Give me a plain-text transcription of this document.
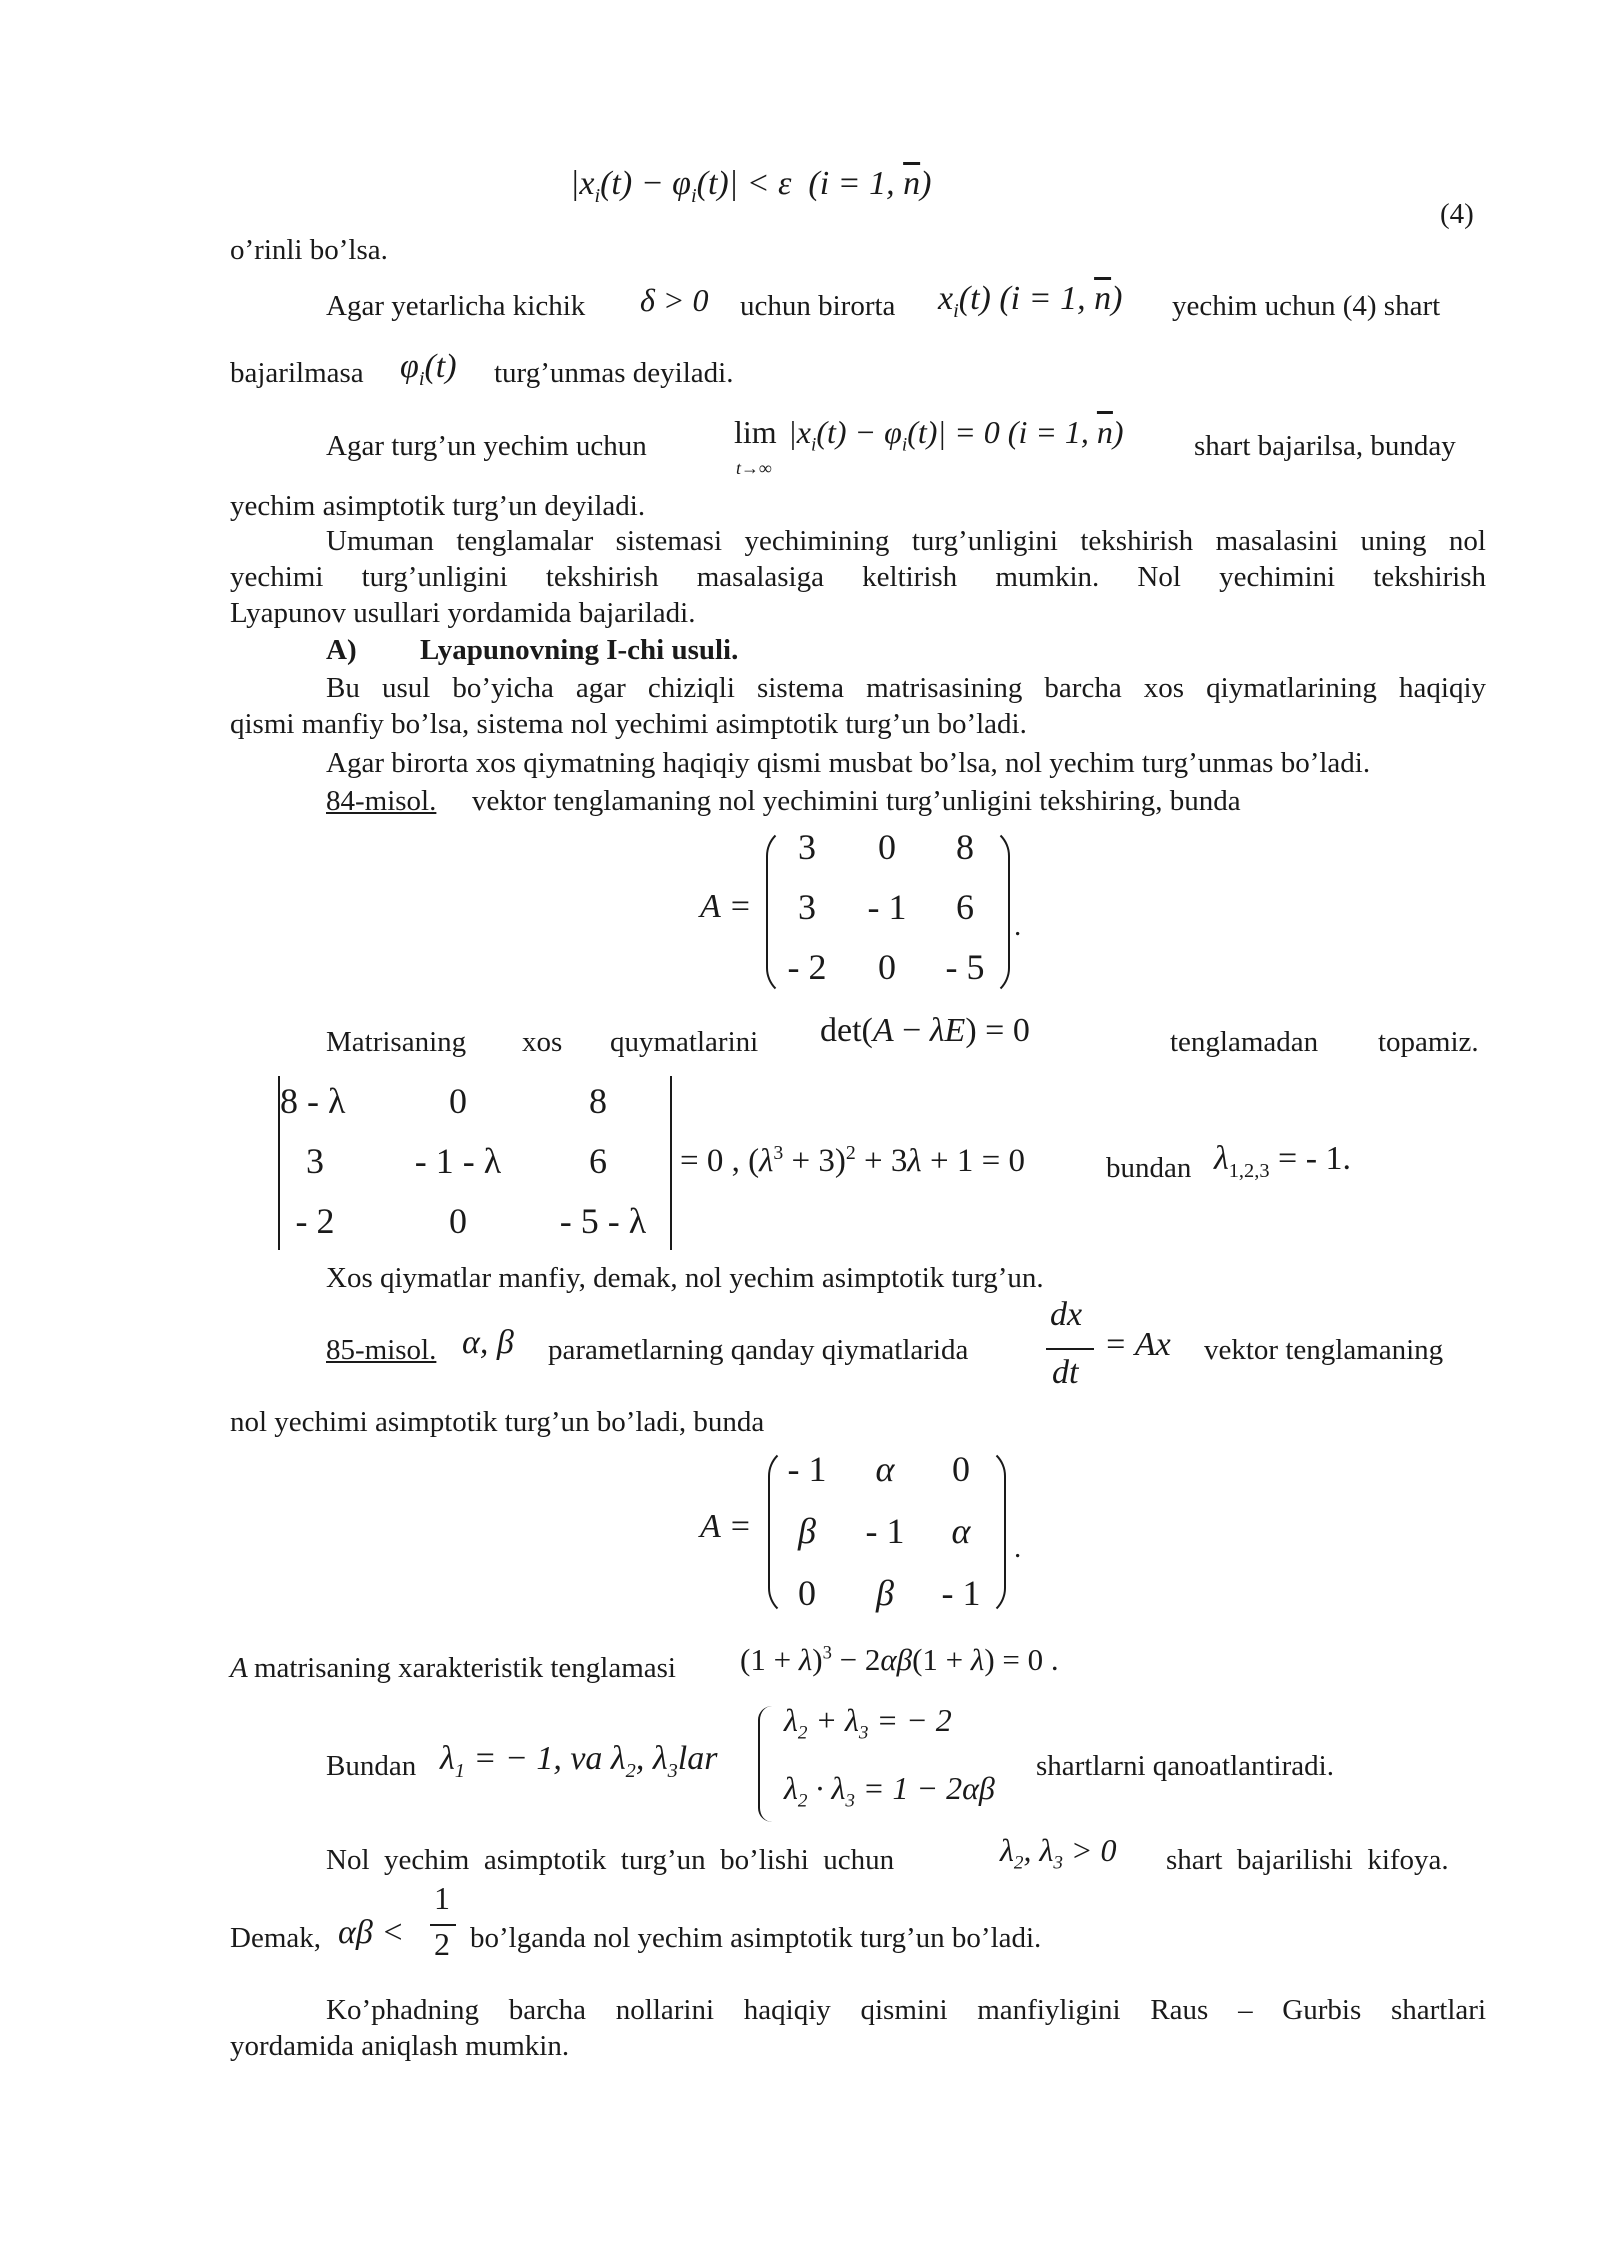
$|x_i(t) - \varphi_i(t)| < \varepsilon$  (i = 1, $\overline{n}$)
(4)
o’rinli bo’lsa.
Agar yetarlicha kichik δ > 0 uchun birorta $x_i(t) (i = 1$, $\overline{n}$) yechim uchun (4) shart
bajarilmasa $\varphi_i(t)$ turg’unmas deyiladi.
Agar turg’un yechim uchun	lim
t→∞
$|x_i(t) - \varphi_i(t)| = 0$ (i = 1, $\overline{n}$) shart bajarilsa, bunday
yechim asimptotik turg’un deyiladi.
Umuman tenglamalar sistemasi yechimining turg’unligini tekshirish masalasini uning nol
yechimi turg’unligini tekshirish masalasiga keltirish mumkin. Nol yechimini tekshirish
Lyapunov usullari yordamida bajariladi.
A) Lyapunovning I-chi usuli.
Bu usul bo’yicha agar chiziqli sistema matrisasining barcha xos qiymatlarining haqiqiy
qismi manfiy bo’lsa, sistema nol yechimi asimptotik turg’un bo’ladi.
Agar birorta xos qiymatning haqiqiy qismi musbat bo’lsa, nol yechim turg’unmas bo’ladi.
84-misol. vektor tenglamaning nol yechimini turg’unligini tekshiring, bunda
A =
3	0	8
3	- 1	6
- 2	0	- 5
.
Matrisaning xos quymatlarini det(A − λE) = 0	tenglamadan topamiz.
8 - λ	0	8
3	- 1 - λ	6
- 2	0	- 5 - λ
= 0 , $(\lambda^3 + 3)^2 + 3\lambda + 1 = 0$	bundan $\lambda_{1,2,3}$ = - 1.
Xos qiymatlar manfiy, demak, nol yechim asimptotik turg’un.
85-misol. α, β parametlarning qanday qiymatlarida
dx
dt
= Ax vektor tenglamaning
nol yechimi asimptotik turg’un bo’ladi, bunda
A =
- 1	α	0
β	- 1	α
0	β	- 1
.
A matrisaning xarakteristik tenglamasi $(1 + \lambda)^3 - 2\alpha\beta(1 + \lambda) = 0$ .
Bundan $\lambda_1$ = − 1, va $\lambda_2$, $\lambda_3lar$
$\lambda_2 + \lambda_3$ = − 2
$\lambda_2 \cdot \lambda_3 = 1 - 2\alpha\beta$
shartlarni qanoatlantiradi.
Nol  yechim  asimptotik  turg’un  bo’lishi  uchun	$\lambda_2$, $\lambda_3 > 0$ shart  bajarilishi  kifoya.
Demak, αβ <
1
2 bo’lganda nol yechim asimptotik turg’un bo’ladi.
Ko’phadning barcha nollarini haqiqiy qismini manfiyligini Raus – Gurbis shartlari
yordamida aniqlash mumkin.
